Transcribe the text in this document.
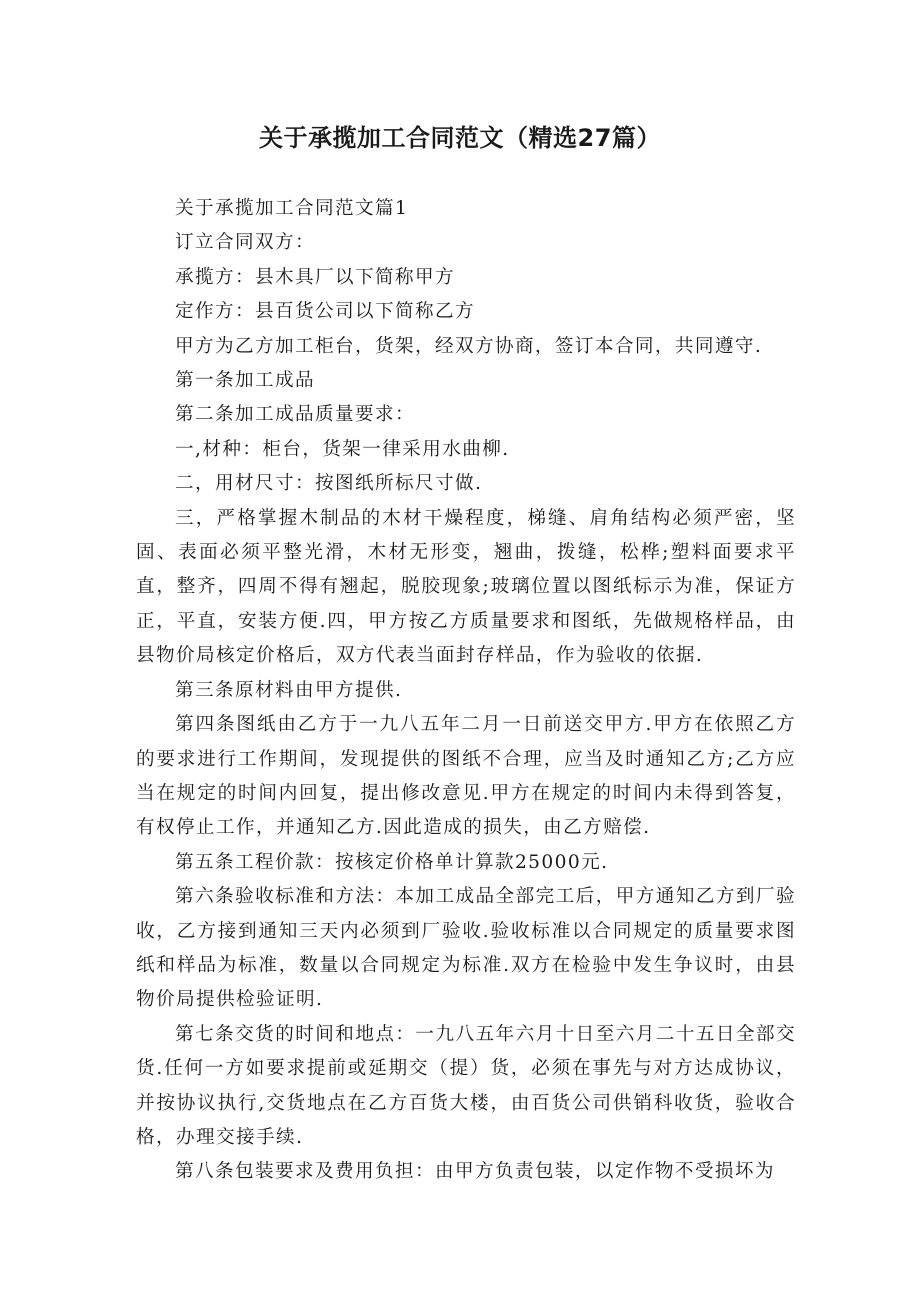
关于承揽加工合同范文（精选27篇）

关于承揽加工合同范文篇1

订立合同双方：

承揽方：县木具厂以下简称甲方

定作方：县百货公司以下简称乙方

甲方为乙方加工柜台，货架，经双方协商，签订本合同，共同遵守.

第一条加工成品

第二条加工成品质量要求：

一,材种：柜台，货架一律采用水曲柳.

二，用材尺寸：按图纸所标尺寸做.

三，严格掌握木制品的木材干燥程度，梯缝、肩角结构必须严密，坚固、表面必须平整光滑，木材无形变，翘曲，拨缝，松桦;塑料面要求平直，整齐，四周不得有翘起，脱胶现象;玻璃位置以图纸标示为准，保证方正，平直，安装方便.四，甲方按乙方质量要求和图纸，先做规格样品，由县物价局核定价格后，双方代表当面封存样品，作为验收的依据.

第三条原材料由甲方提供.

第四条图纸由乙方于一九八五年二月一日前送交甲方.甲方在依照乙方的要求进行工作期间，发现提供的图纸不合理，应当及时通知乙方;乙方应当在规定的时间内回复，提出修改意见.甲方在规定的时间内未得到答复，有权停止工作，并通知乙方.因此造成的损失，由乙方赔偿.

第五条工程价款：按核定价格单计算款25000元.

第六条验收标准和方法：本加工成品全部完工后，甲方通知乙方到厂验收，乙方接到通知三天内必须到厂验收.验收标准以合同规定的质量要求图纸和样品为标准，数量以合同规定为标准.双方在检验中发生争议时，由县物价局提供检验证明.

第七条交货的时间和地点：一九八五年六月十日至六月二十五日全部交货.任何一方如要求提前或延期交（提）货，必须在事先与对方达成协议，并按协议执行,交货地点在乙方百货大楼，由百货公司供销科收货，验收合格，办理交接手续.

第八条包装要求及费用负担：由甲方负责包装，以定作物不受损坏为
